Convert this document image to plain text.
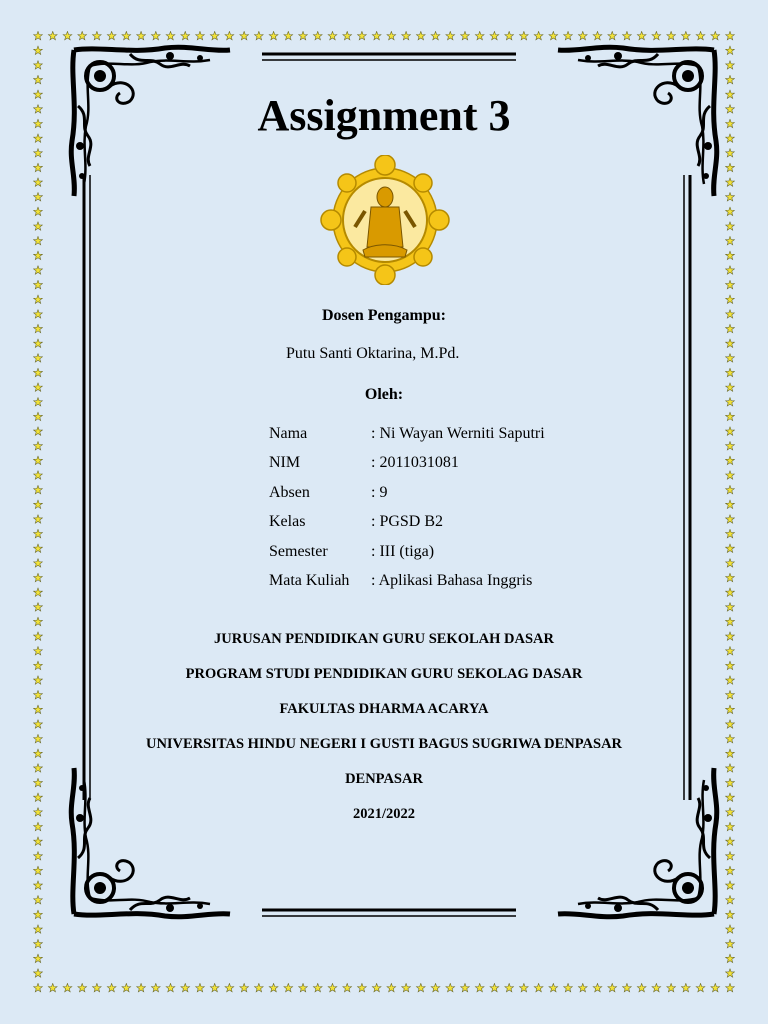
Assignment 3
Dosen Pengampu:
Putu Santi Oktarina, M.Pd.
Oleh:
Nama	: Ni Wayan Werniti Saputri
NIM	: 2011031081
Absen	: 9
Kelas	: PGSD B2
Semester	: III (tiga)
Mata Kuliah	: Aplikasi Bahasa Inggris
JURUSAN PENDIDIKAN GURU SEKOLAH DASAR
PROGRAM STUDI PENDIDIKAN GURU SEKOLAG DASAR
FAKULTAS DHARMA ACARYA
UNIVERSITAS HINDU NEGERI I GUSTI BAGUS SUGRIWA DENPASAR
DENPASAR
2021/2022
